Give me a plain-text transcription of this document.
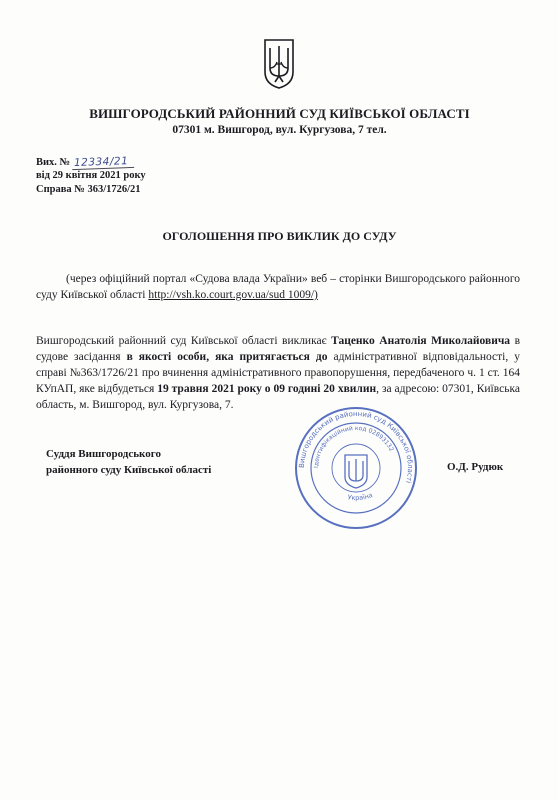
ВИШГОРОДСЬКИЙ РАЙОННИЙ СУД КИЇВСЬКОЇ ОБЛАСТІ
07301 м. Вишгород, вул. Кургузова, 7 тел.
Вих. № 12334/21
від 29 квітня 2021 року
Справа № 363/1726/21
ОГОЛОШЕННЯ ПРО ВИКЛИК ДО СУДУ
(через офіційний портал «Судова влада України» веб – сторінки Вишгородського районного суду Київської області http://vsh.ko.court.gov.ua/sud 1009/)
Вишгородський районний суд Київської області викликає Таценко Анатолія Миколайовича в судове засідання в якості особи, яка притягається до адміністративної відповідальності, у справі №363/1726/21 про вчинення адміністративного правопорушення, передбаченого ч. 1 ст. 164 КУпАП, яке відбудеться 19 травня 2021 року о 09 годині 20 хвилин, за адресою: 07301, Київська область, м. Вишгород, вул. Кургузова, 7.
Суддя Вишгородського
районного суду Київської області	О.Д. Рудюк
Вишгородський районний суд Київської області
Ідентифікаційний код 02893132
Україна
